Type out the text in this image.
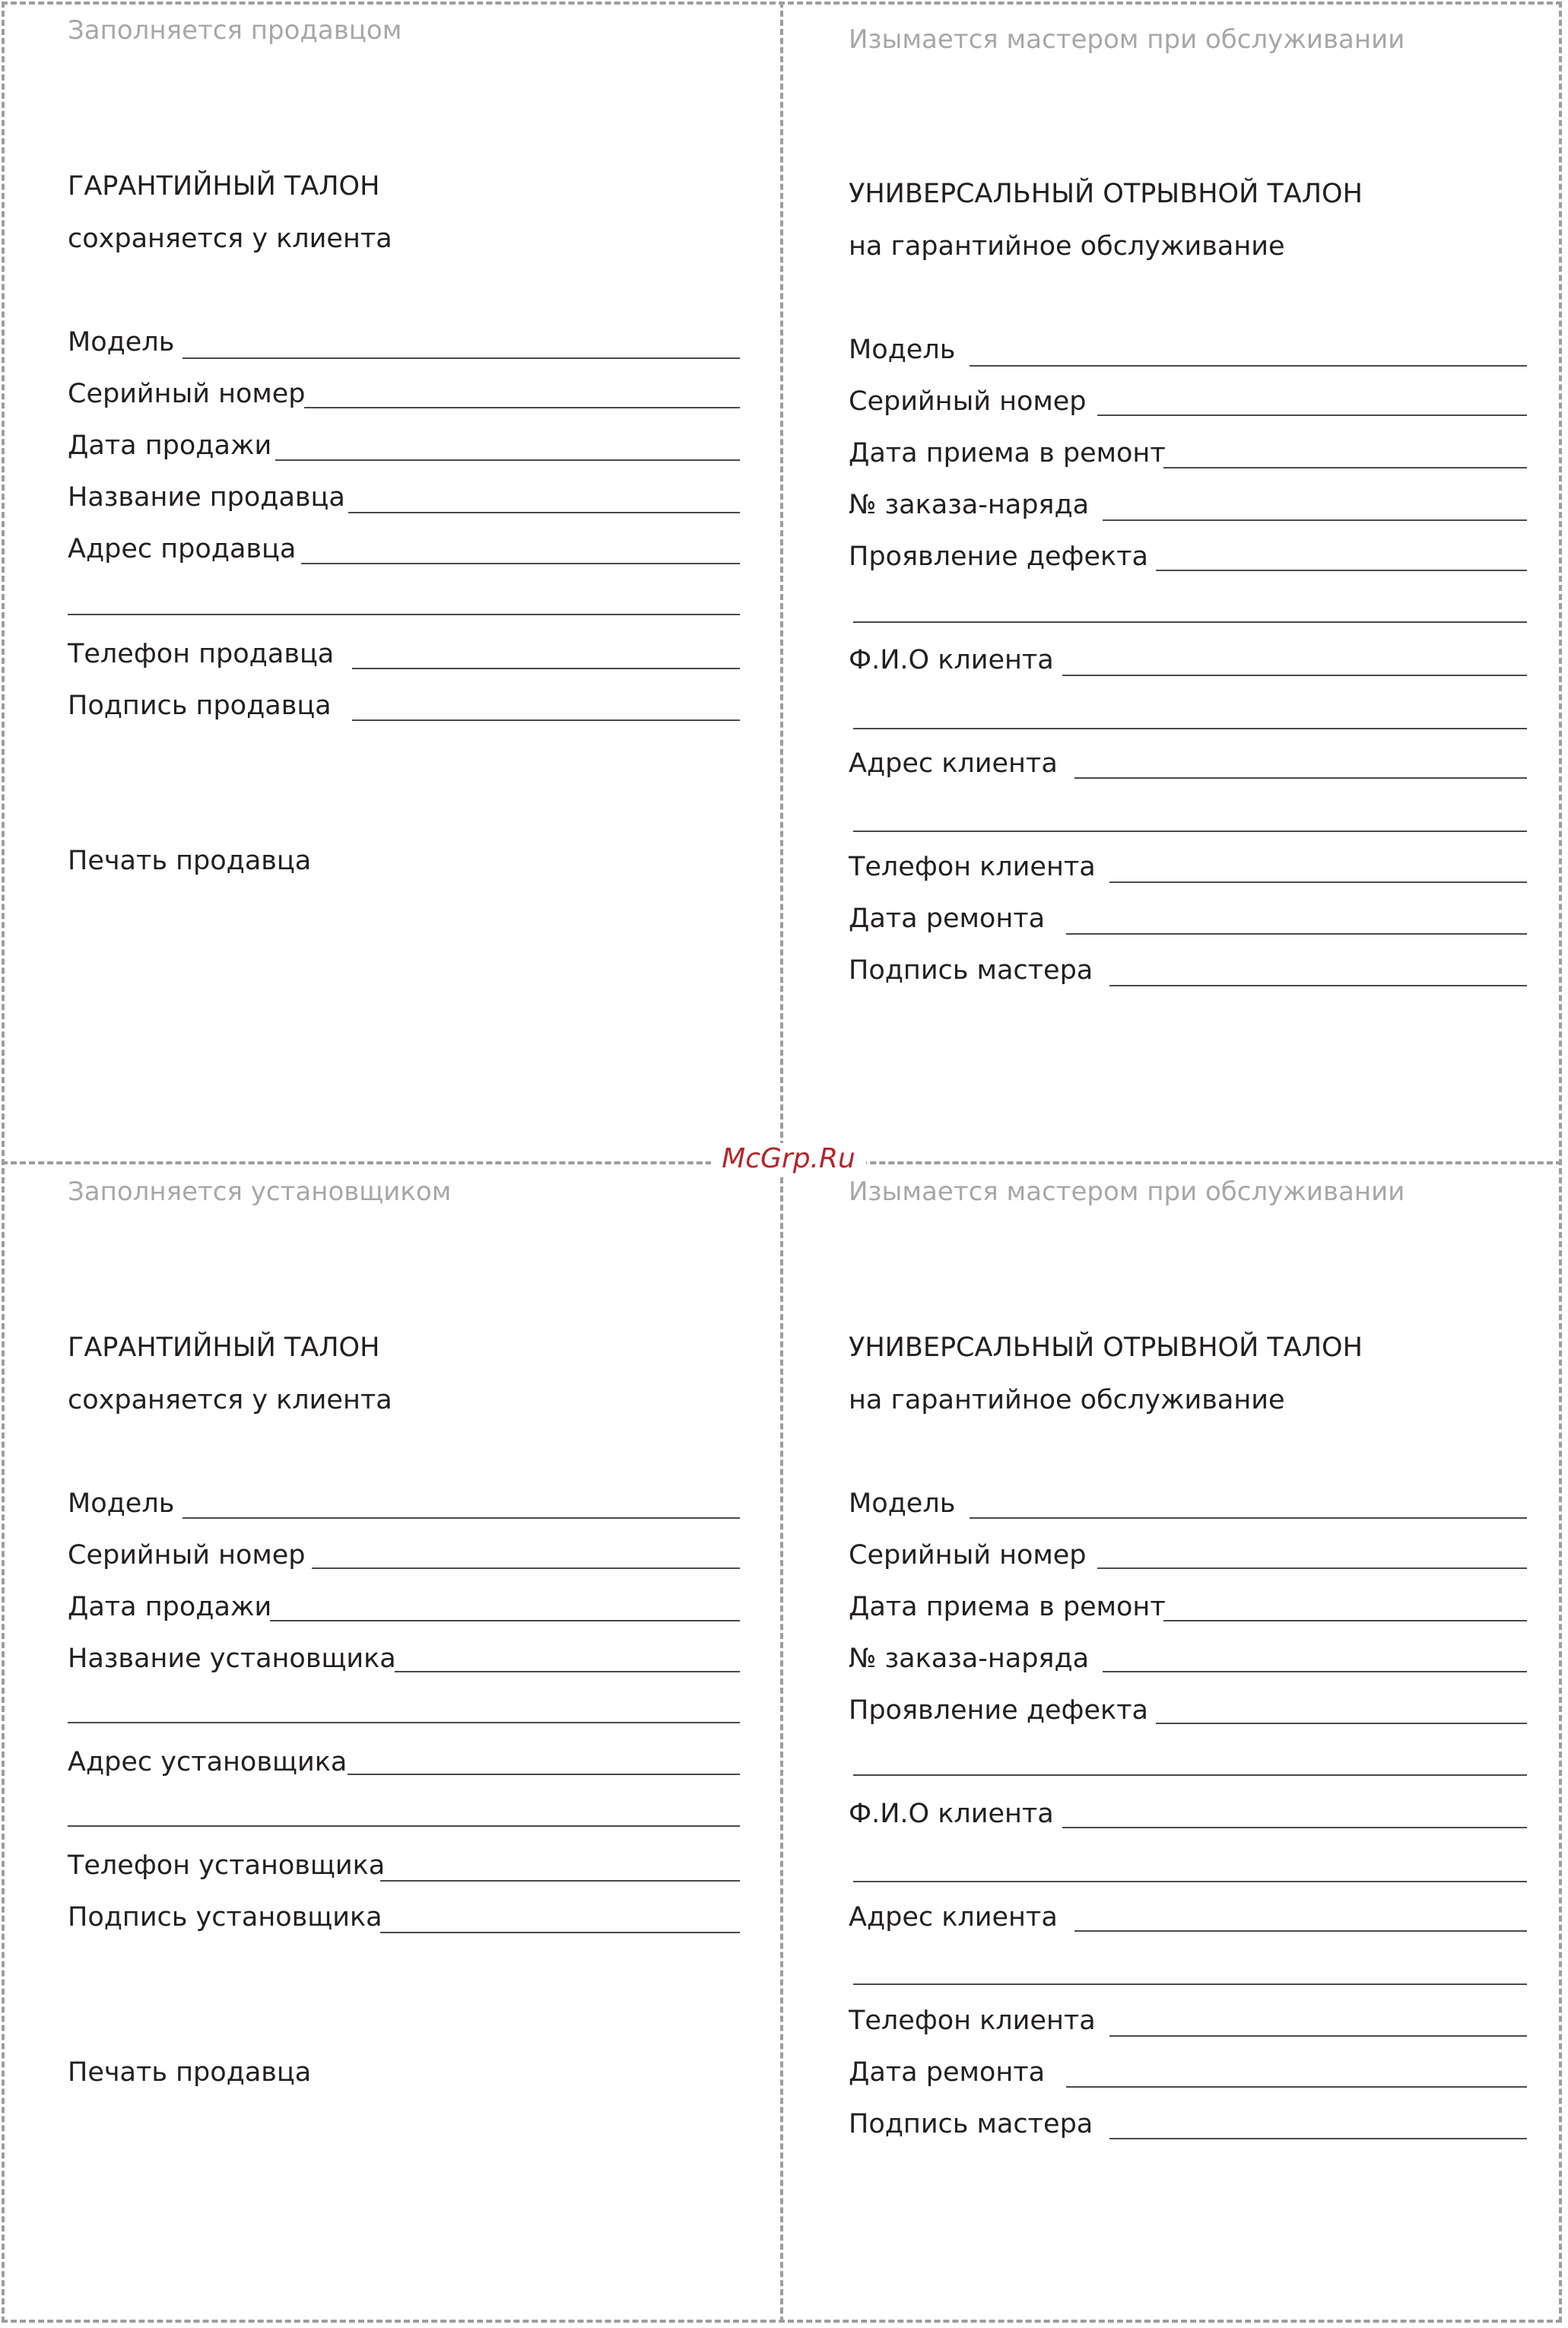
Заполняется продавцом
ГАРАНТИЙНЫЙ ТАЛОН
сохраняется у клиента
Модель
Серийный номер
Дата продажи
Название продавца
Адрес продавца
Телефон продавца
Подпись продавца
Печать продавца
Изымается мастером при обслуживании
УНИВЕРСАЛЬНЫЙ ОТРЫВНОЙ ТАЛОН
на гарантийное обслуживание
Модель
Серийный номер
Дата приема в ремонт
№ заказа-наряда
Проявление дефекта
Ф.И.О клиента
Адрес клиента
Телефон клиента
Дата ремонта
Подпись мастера
Заполняется установщиком
ГАРАНТИЙНЫЙ ТАЛОН
сохраняется у клиента
Модель
Серийный номер
Дата продажи
Название установщика
Адрес установщика
Телефон установщика
Подпись установщика
Печать продавца
Изымается мастером при обслуживании
УНИВЕРСАЛЬНЫЙ ОТРЫВНОЙ ТАЛОН
на гарантийное обслуживание
Модель
Серийный номер
Дата приема в ремонт
№ заказа-наряда
Проявление дефекта
Ф.И.О клиента
Адрес клиента
Телефон клиента
Дата ремонта
Подпись мастера
McGrp.Ru
